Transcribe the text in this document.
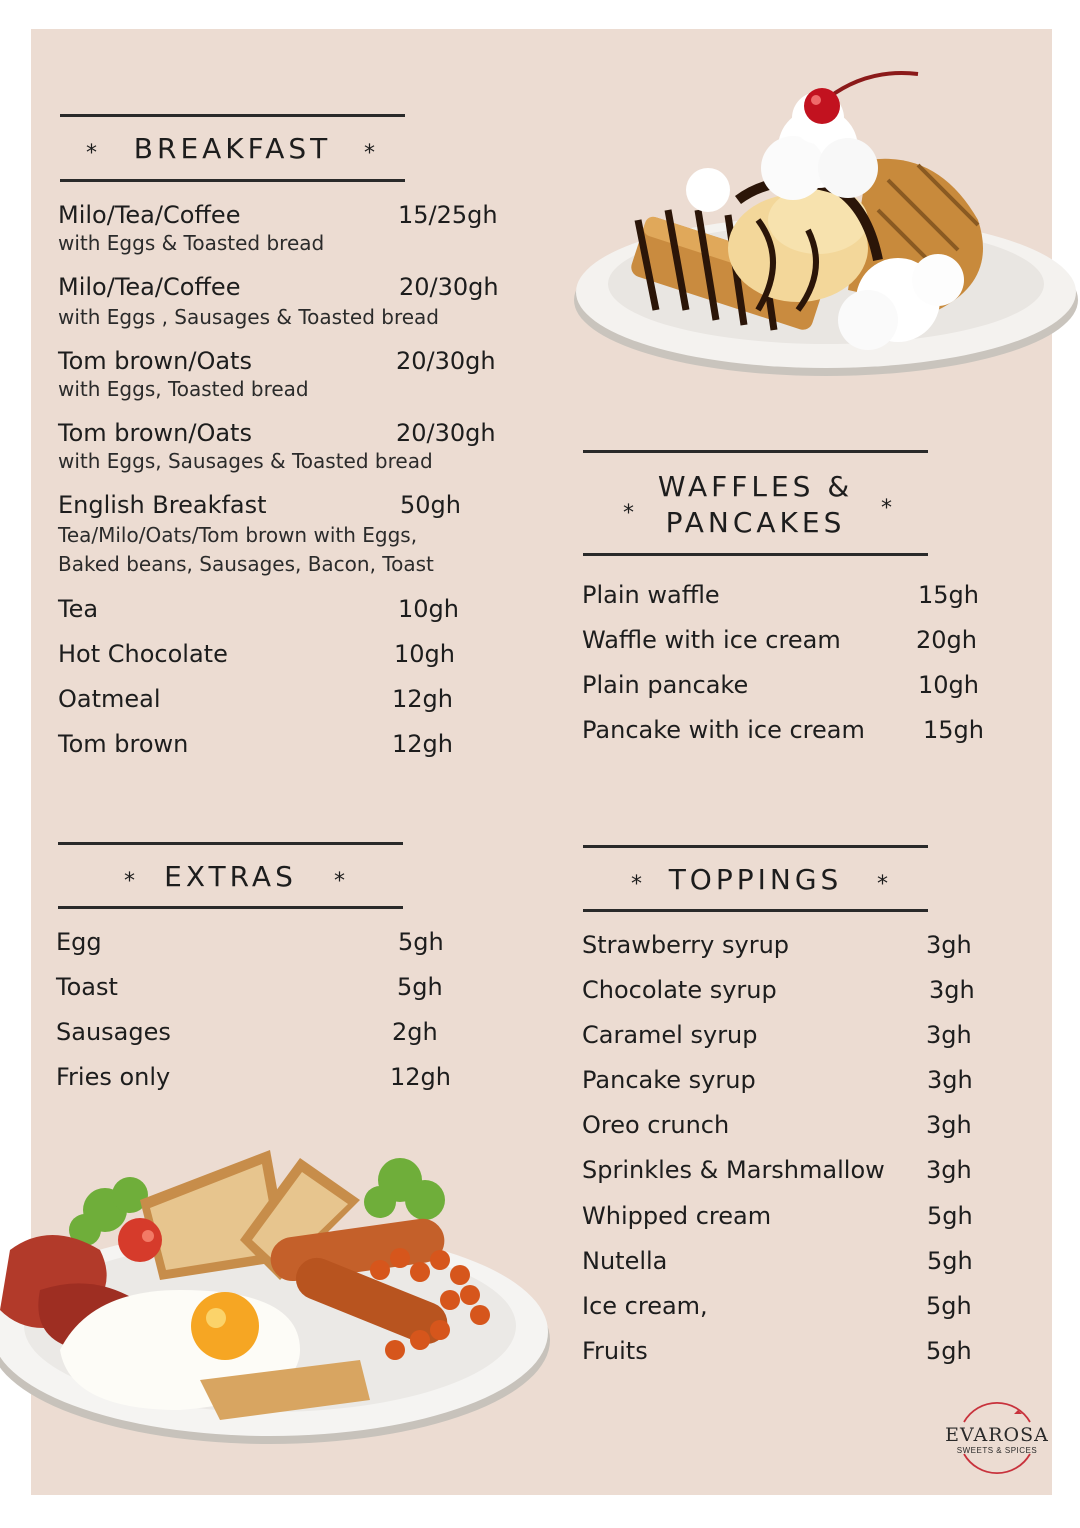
*	BREAKFAST	*
Milo/Tea/Coffee	15/25gh
with Eggs & Toasted bread
Milo/Tea/Coffee	20/30gh
with Eggs , Sausages & Toasted bread
Tom brown/Oats	20/30gh
with Eggs, Toasted bread
Tom brown/Oats	20/30gh
with Eggs, Sausages & Toasted bread
English Breakfast	50gh
Tea/Milo/Oats/Tom brown with Eggs,
Baked beans, Sausages, Bacon, Toast
Tea	10gh
Hot Chocolate	10gh
Oatmeal	12gh
Tom brown	12gh
*
WAFFLES &
PANCAKES	*
Plain waffle	15gh
Waffle with ice cream	20gh
Plain pancake	10gh
Pancake with ice cream 15gh
*	EXTRAS	*
Egg	5gh
Toast	5gh
Sausages	2gh
Fries only	12gh
* TOPPINGS	*
Strawberry syrup	3gh
Chocolate syrup	3gh
Caramel syrup	3gh
Pancake syrup	3gh
Oreo crunch	3gh
Sprinkles & Marshmallow 3gh
Whipped cream	5gh
Nutella	5gh
Ice cream,	5gh
Fruits	5gh
EVAROSA
SWEETS & SPICES
